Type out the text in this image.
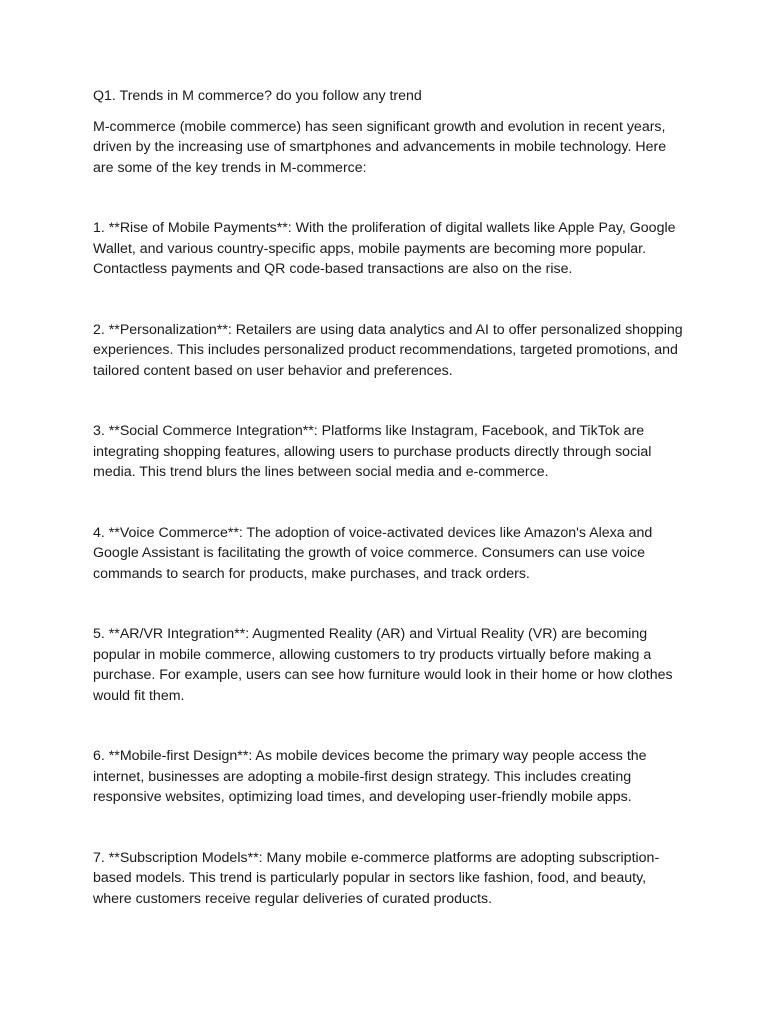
Q1. Trends in M commerce? do you follow any trend

M-commerce (mobile commerce) has seen significant growth and evolution in recent years, driven by the increasing use of smartphones and advancements in mobile technology. Here are some of the key trends in M-commerce:

1. **Rise of Mobile Payments**: With the proliferation of digital wallets like Apple Pay, Google Wallet, and various country-specific apps, mobile payments are becoming more popular. Contactless payments and QR code-based transactions are also on the rise.

2. **Personalization**: Retailers are using data analytics and AI to offer personalized shopping experiences. This includes personalized product recommendations, targeted promotions, and tailored content based on user behavior and preferences.

3. **Social Commerce Integration**: Platforms like Instagram, Facebook, and TikTok are integrating shopping features, allowing users to purchase products directly through social media. This trend blurs the lines between social media and e-commerce.

4. **Voice Commerce**: The adoption of voice-activated devices like Amazon's Alexa and Google Assistant is facilitating the growth of voice commerce. Consumers can use voice commands to search for products, make purchases, and track orders.

5. **AR/VR Integration**: Augmented Reality (AR) and Virtual Reality (VR) are becoming popular in mobile commerce, allowing customers to try products virtually before making a purchase. For example, users can see how furniture would look in their home or how clothes would fit them.

6. **Mobile-first Design**: As mobile devices become the primary way people access the internet, businesses are adopting a mobile-first design strategy. This includes creating responsive websites, optimizing load times, and developing user-friendly mobile apps.

7. **Subscription Models**: Many mobile e-commerce platforms are adopting subscription-based models. This trend is particularly popular in sectors like fashion, food, and beauty, where customers receive regular deliveries of curated products.
